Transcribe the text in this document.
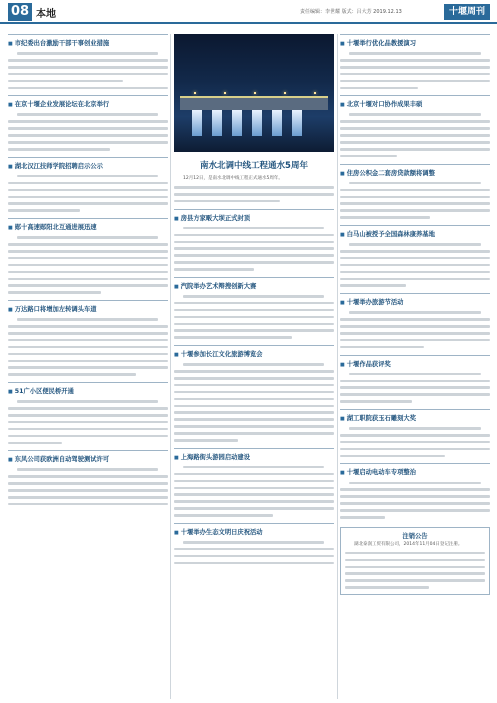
08 本地	责任编辑：李世耀 版式：吕大芳 2019.12.13	十堰周刊
■ 市纪委出台激励干部干事创业措施
■ 在京十堰企业发展论坛在北京举行
■ 湖北汉江技师学院招聘启示公示
■ 郧十高速郧阳北互通进展迅速
■ 万达路口将增加左转调头车道
■ 51广小区便民桥开通
■ 东风公司获欧洲自动驾驶测试许可
南水北调中线工程通水5周年
12月12日，是南水北调中线工程正式通水5周年。
■ 房县方家畈大坝正式封顶
■ 汽院举办艺术辩搜创新大赛
■ 十堰参加长江文化旅游博览会
■ 上海路街头游园启动建设
■ 十堰举办生态文明日庆祝活动
■ 十堰举行优化品教援演习
■ 北京十堰对口协作成果丰硕
■ 住房公积金二套房贷款额将调整
■ 白马山被授予全国森林康养基地
■ 十堰举办旅游节活动
■ 十堰作品获评奖
■ 湖工职院获玉石雕刻大奖
■ 十堰启动电动车专项整治
注销公告
湖北泰润工贸有限公司，2014年11月04日登记注册。
